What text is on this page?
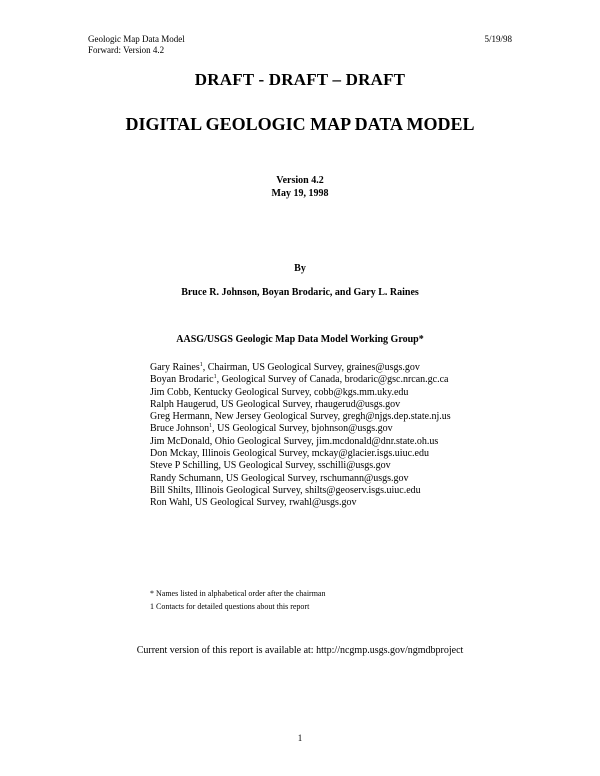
Geologic Map Data Model
Forward: Version 4.2
5/19/98
DRAFT - DRAFT – DRAFT
DIGITAL GEOLOGIC MAP DATA MODEL
Version 4.2
May 19, 1998
By
Bruce R. Johnson, Boyan Brodaric, and Gary L. Raines
AASG/USGS Geologic Map Data Model Working Group*
Gary Raines$^1$, Chairman, US Geological Survey, graines@usgs.gov
Boyan Brodaric$^1$, Geological Survey of Canada, brodaric@gsc.nrcan.gc.ca
Jim Cobb, Kentucky Geological Survey, cobb@kgs.mm.uky.edu
Ralph Haugerud, US Geological Survey, rhaugerud@usgs.gov
Greg Hermann, New Jersey Geological Survey, gregh@njgs.dep.state.nj.us
Bruce Johnson$^1$, US Geological Survey, bjohnson@usgs.gov
Jim McDonald, Ohio Geological Survey, jim.mcdonald@dnr.state.oh.us
Don Mckay, Illinois Geological Survey, mckay@glacier.isgs.uiuc.edu
Steve P Schilling, US Geological Survey, sschilli@usgs.gov
Randy Schumann, US Geological Survey, rschumann@usgs.gov
Bill Shilts, Illinois Geological Survey, shilts@geoserv.isgs.uiuc.edu
Ron Wahl, US Geological Survey, rwahl@usgs.gov
* Names listed in alphabetical order after the chairman
1 Contacts for detailed questions about this report
Current version of this report is available at: http://ncgmp.usgs.gov/ngmdbproject
1
